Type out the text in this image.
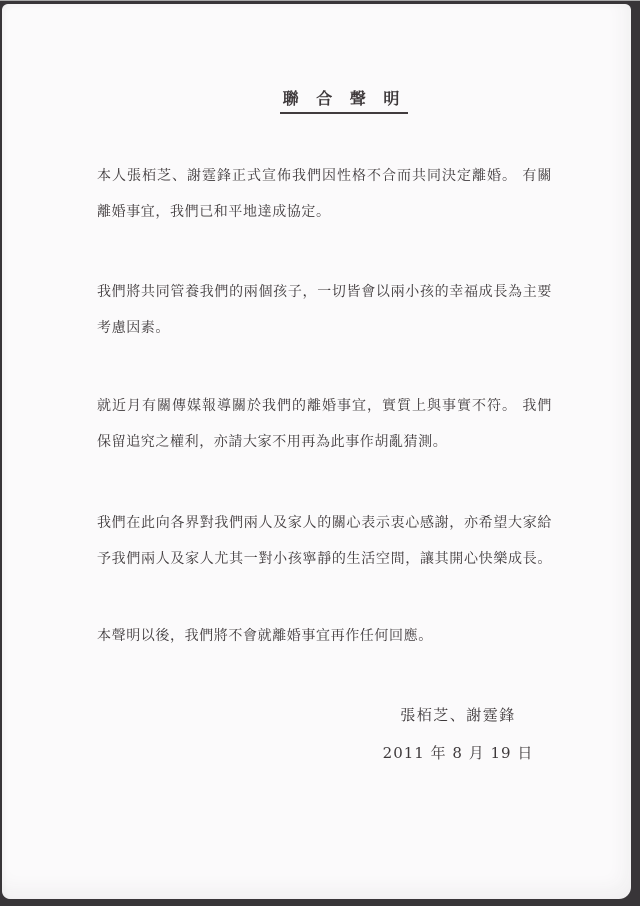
聯 合 聲 明
本人張栢芝、謝霆鋒正式宣佈我們因性格不合而共同決定離婚。 有關
離婚事宜，我們已和平地達成協定。
我們將共同管養我們的兩個孩子，一切皆會以兩小孩的幸福成長為主要
考慮因素。
就近月有關傳媒報導關於我們的離婚事宜，實質上與事實不符。 我們
保留追究之權利，亦請大家不用再為此事作胡亂猜測。
我們在此向各界對我們兩人及家人的關心表示衷心感謝，亦希望大家給
予我們兩人及家人尤其一對小孩寧靜的生活空間，讓其開心快樂成長。
本聲明以後，我們將不會就離婚事宜再作任何回應。
張栢芝、謝霆鋒
2011 年 8 月 19 日
